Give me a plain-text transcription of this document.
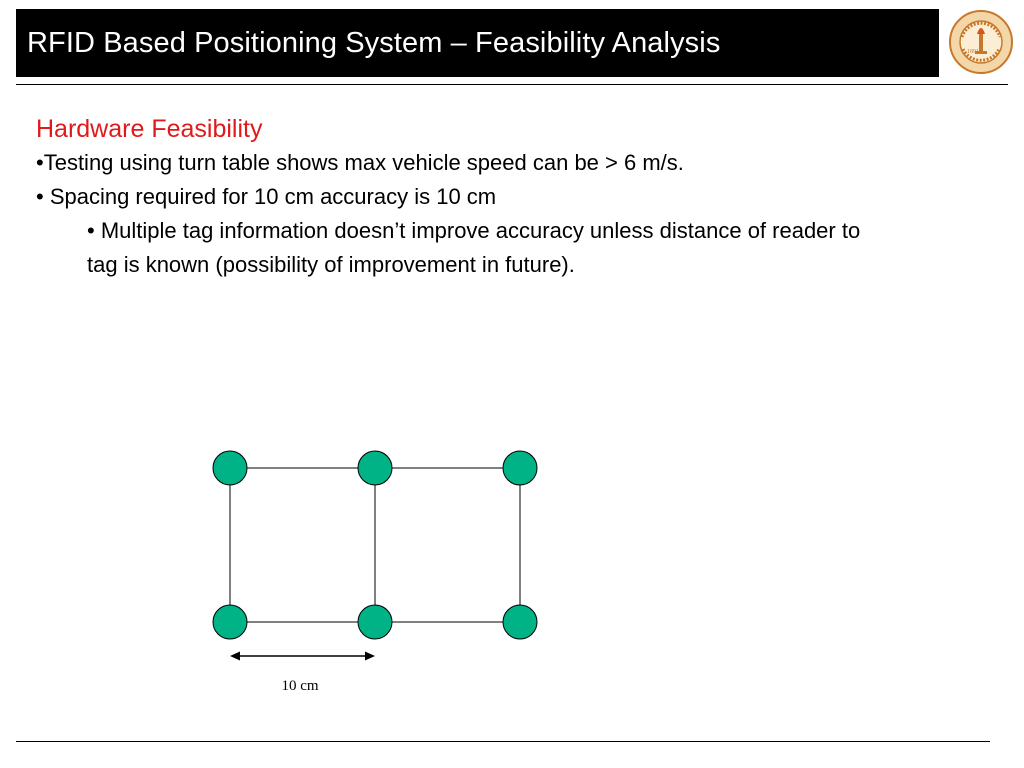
RFID Based Positioning System – Feasibility Analysis	1891

Hardware Feasibility

•Testing using turn table shows max vehicle speed can be > 6 m/s.

• Spacing required for 10 cm accuracy is 10 cm

• Multiple tag information doesn’t improve accuracy unless distance of reader to tag is known (possibility of improvement in future).

10 cm
